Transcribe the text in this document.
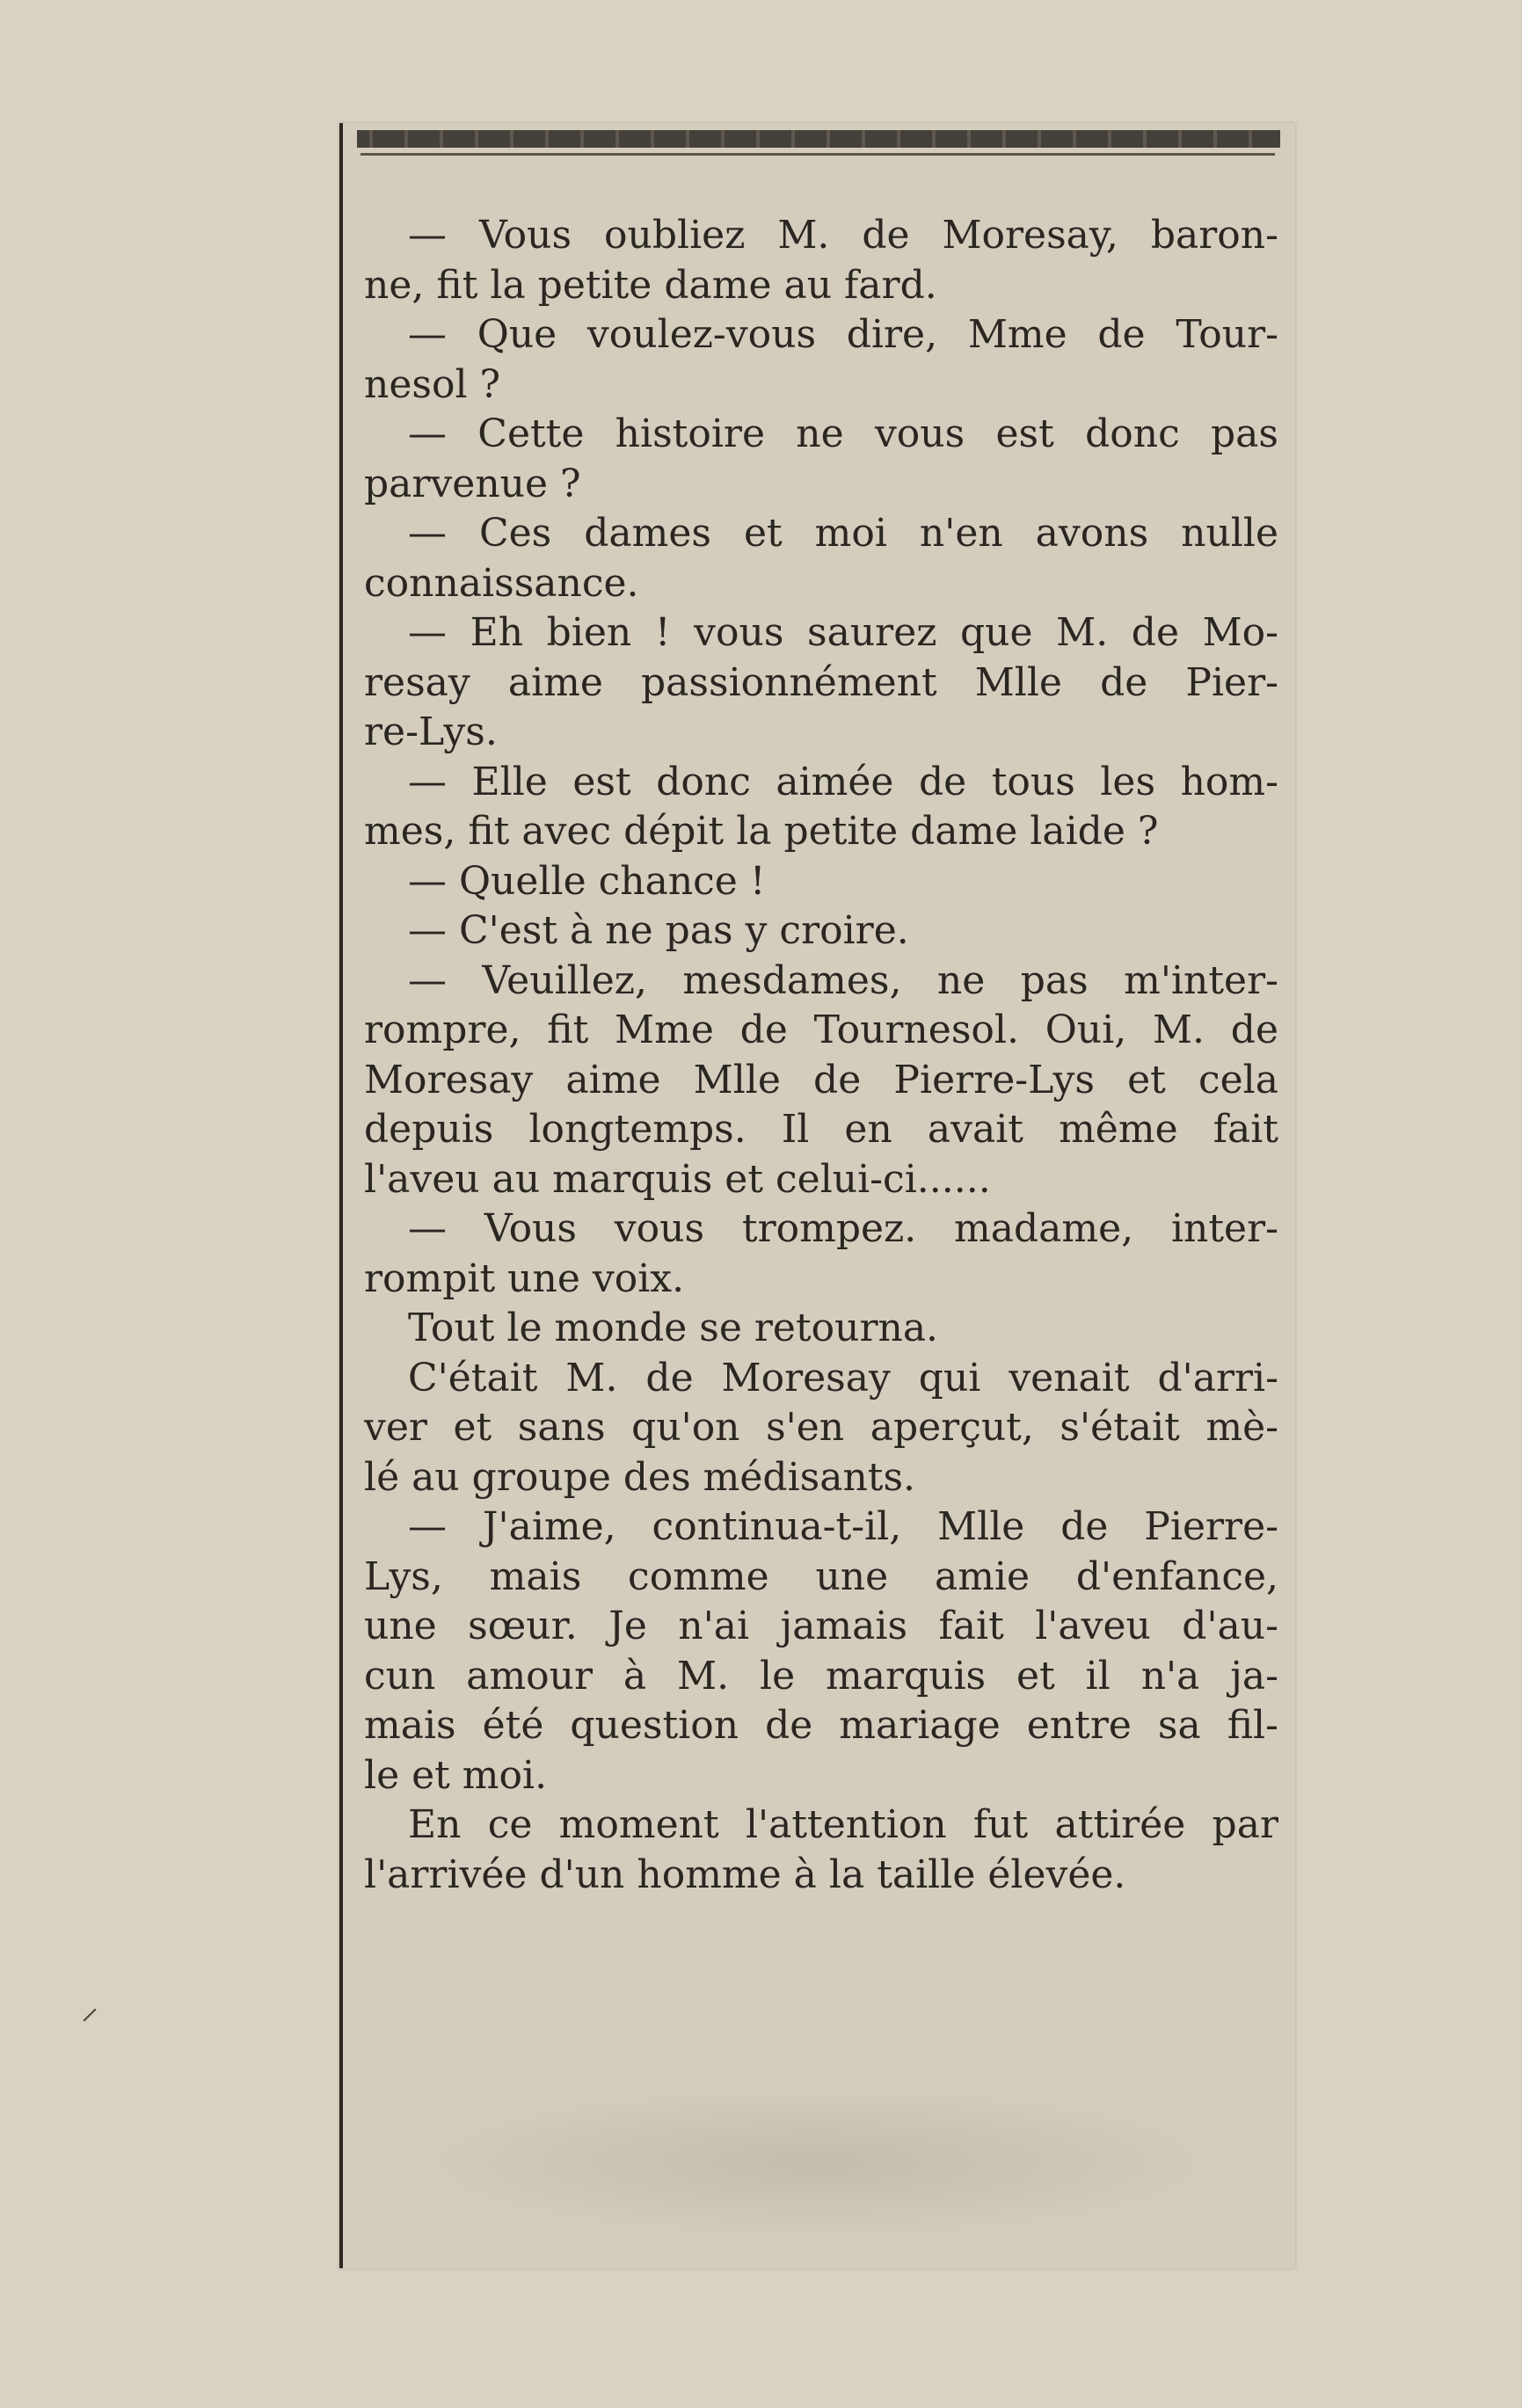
— Vous oubliez M. de Moresay, baron-
ne, fit la petite dame au fard.
— Que voulez-vous dire, Mme de Tour-
nesol ?
— Cette histoire ne vous est donc pas
parvenue ?
— Ces dames et moi n'en avons nulle
connaissance.
— Eh bien ! vous saurez que M. de Mo-
resay aime passionnément Mlle de Pier-
re-Lys.
— Elle est donc aimée de tous les hom-
mes, fit avec dépit la petite dame laide ?
— Quelle chance !
— C'est à ne pas y croire.
— Veuillez, mesdames, ne pas m'inter-
rompre, fit Mme de Tournesol. Oui, M. de
Moresay aime Mlle de Pierre-Lys et cela
depuis longtemps. Il en avait même fait
l'aveu au marquis et celui-ci......
— Vous vous trompez. madame, inter-
rompit une voix.
Tout le monde se retourna.
C'était M. de Moresay qui venait d'arri-
ver et sans qu'on s'en aperçut, s'était mè-
lé au groupe des médisants.
— J'aime, continua-t-il, Mlle de Pierre-
Lys, mais comme une amie d'enfance,
une sœur. Je n'ai jamais fait l'aveu d'au-
cun amour à M. le marquis et il n'a ja-
mais été question de mariage entre sa fil-
le et moi.
En ce moment l'attention fut attirée par
l'arrivée d'un homme à la taille élevée.
⸍
